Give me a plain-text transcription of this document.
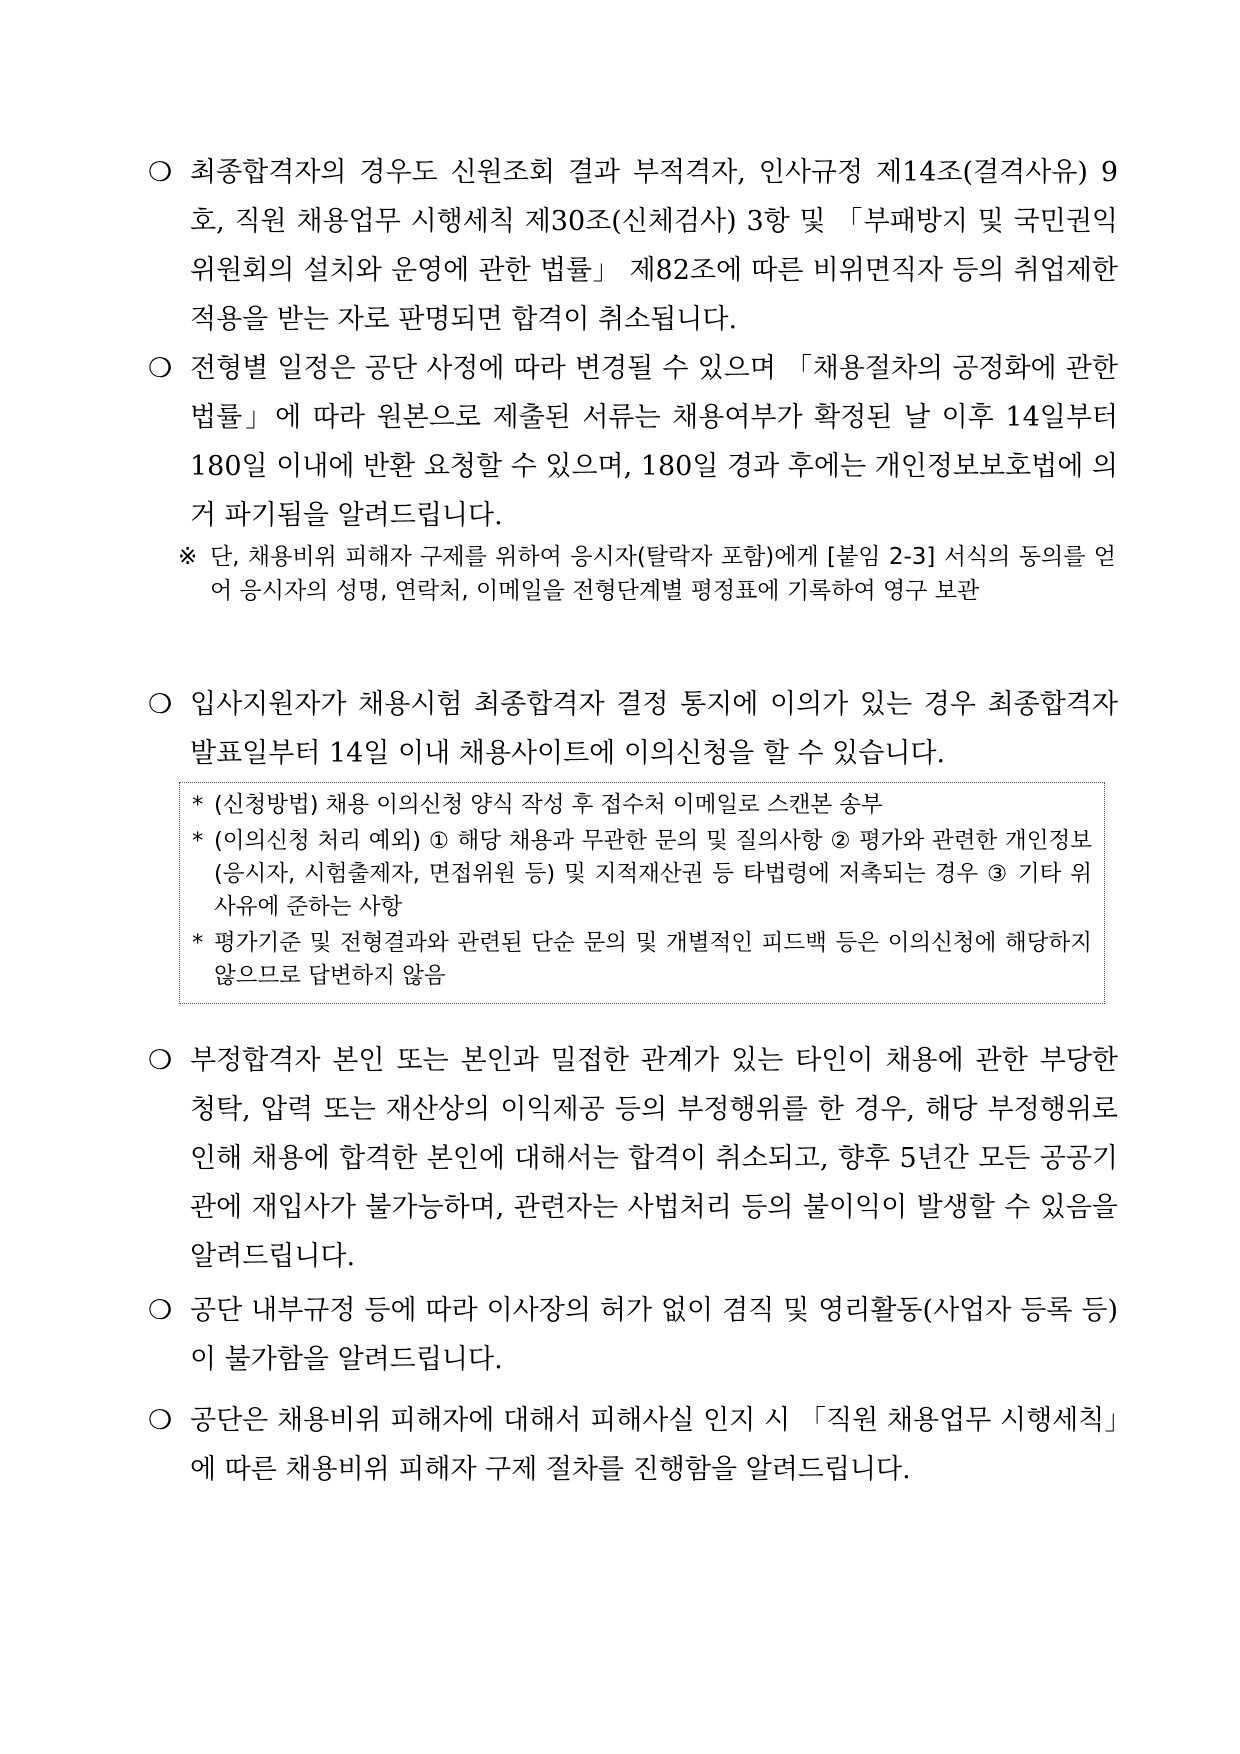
❍ 최종합격자의 경우도 신원조회 결과 부적격자, 인사규정 제14조(결격사유) 9호, 직원 채용업무 시행세칙 제30조(신체검사) 3항 및 「부패방지 및 국민권익위원회의 설치와 운영에 관한 법률」 제82조에 따른 비위면직자 등의 취업제한 적용을 받는 자로 판명되면 합격이 취소됩니다.
❍ 전형별 일정은 공단 사정에 따라 변경될 수 있으며 「채용절차의 공정화에 관한 법률」에 따라 원본으로 제출된 서류는 채용여부가 확정된 날 이후 14일부터 180일 이내에 반환 요청할 수 있으며, 180일 경과 후에는 개인정보보호법에 의거 파기됨을 알려드립니다.
※ 단, 채용비위 피해자 구제를 위하여 응시자(탈락자 포함)에게 [붙임 2-3] 서식의 동의를 얻어 응시자의 성명, 연락처, 이메일을 전형단계별 평정표에 기록하여 영구 보관
❍ 입사지원자가 채용시험 최종합격자 결정 통지에 이의가 있는 경우 최종합격자 발표일부터 14일 이내 채용사이트에 이의신청을 할 수 있습니다.
* (신청방법) 채용 이의신청 양식 작성 후 접수처 이메일로 스캔본 송부
* (이의신청 처리 예외) ① 해당 채용과 무관한 문의 및 질의사항 ② 평가와 관련한 개인정보(응시자, 시험출제자, 면접위원 등) 및 지적재산권 등 타법령에 저촉되는 경우 ③ 기타 위 사유에 준하는 사항
* 평가기준 및 전형결과와 관련된 단순 문의 및 개별적인 피드백 등은 이의신청에 해당하지 않으므로 답변하지 않음
❍ 부정합격자 본인 또는 본인과 밀접한 관계가 있는 타인이 채용에 관한 부당한 청탁, 압력 또는 재산상의 이익제공 등의 부정행위를 한 경우, 해당 부정행위로 인해 채용에 합격한 본인에 대해서는 합격이 취소되고, 향후 5년간 모든 공공기관에 재입사가 불가능하며, 관련자는 사법처리 등의 불이익이 발생할 수 있음을 알려드립니다.
❍ 공단 내부규정 등에 따라 이사장의 허가 없이 겸직 및 영리활동(사업자 등록 등)이 불가함을 알려드립니다.
❍ 공단은 채용비위 피해자에 대해서 피해사실 인지 시 「직원 채용업무 시행세칙」에 따른 채용비위 피해자 구제 절차를 진행함을 알려드립니다.
